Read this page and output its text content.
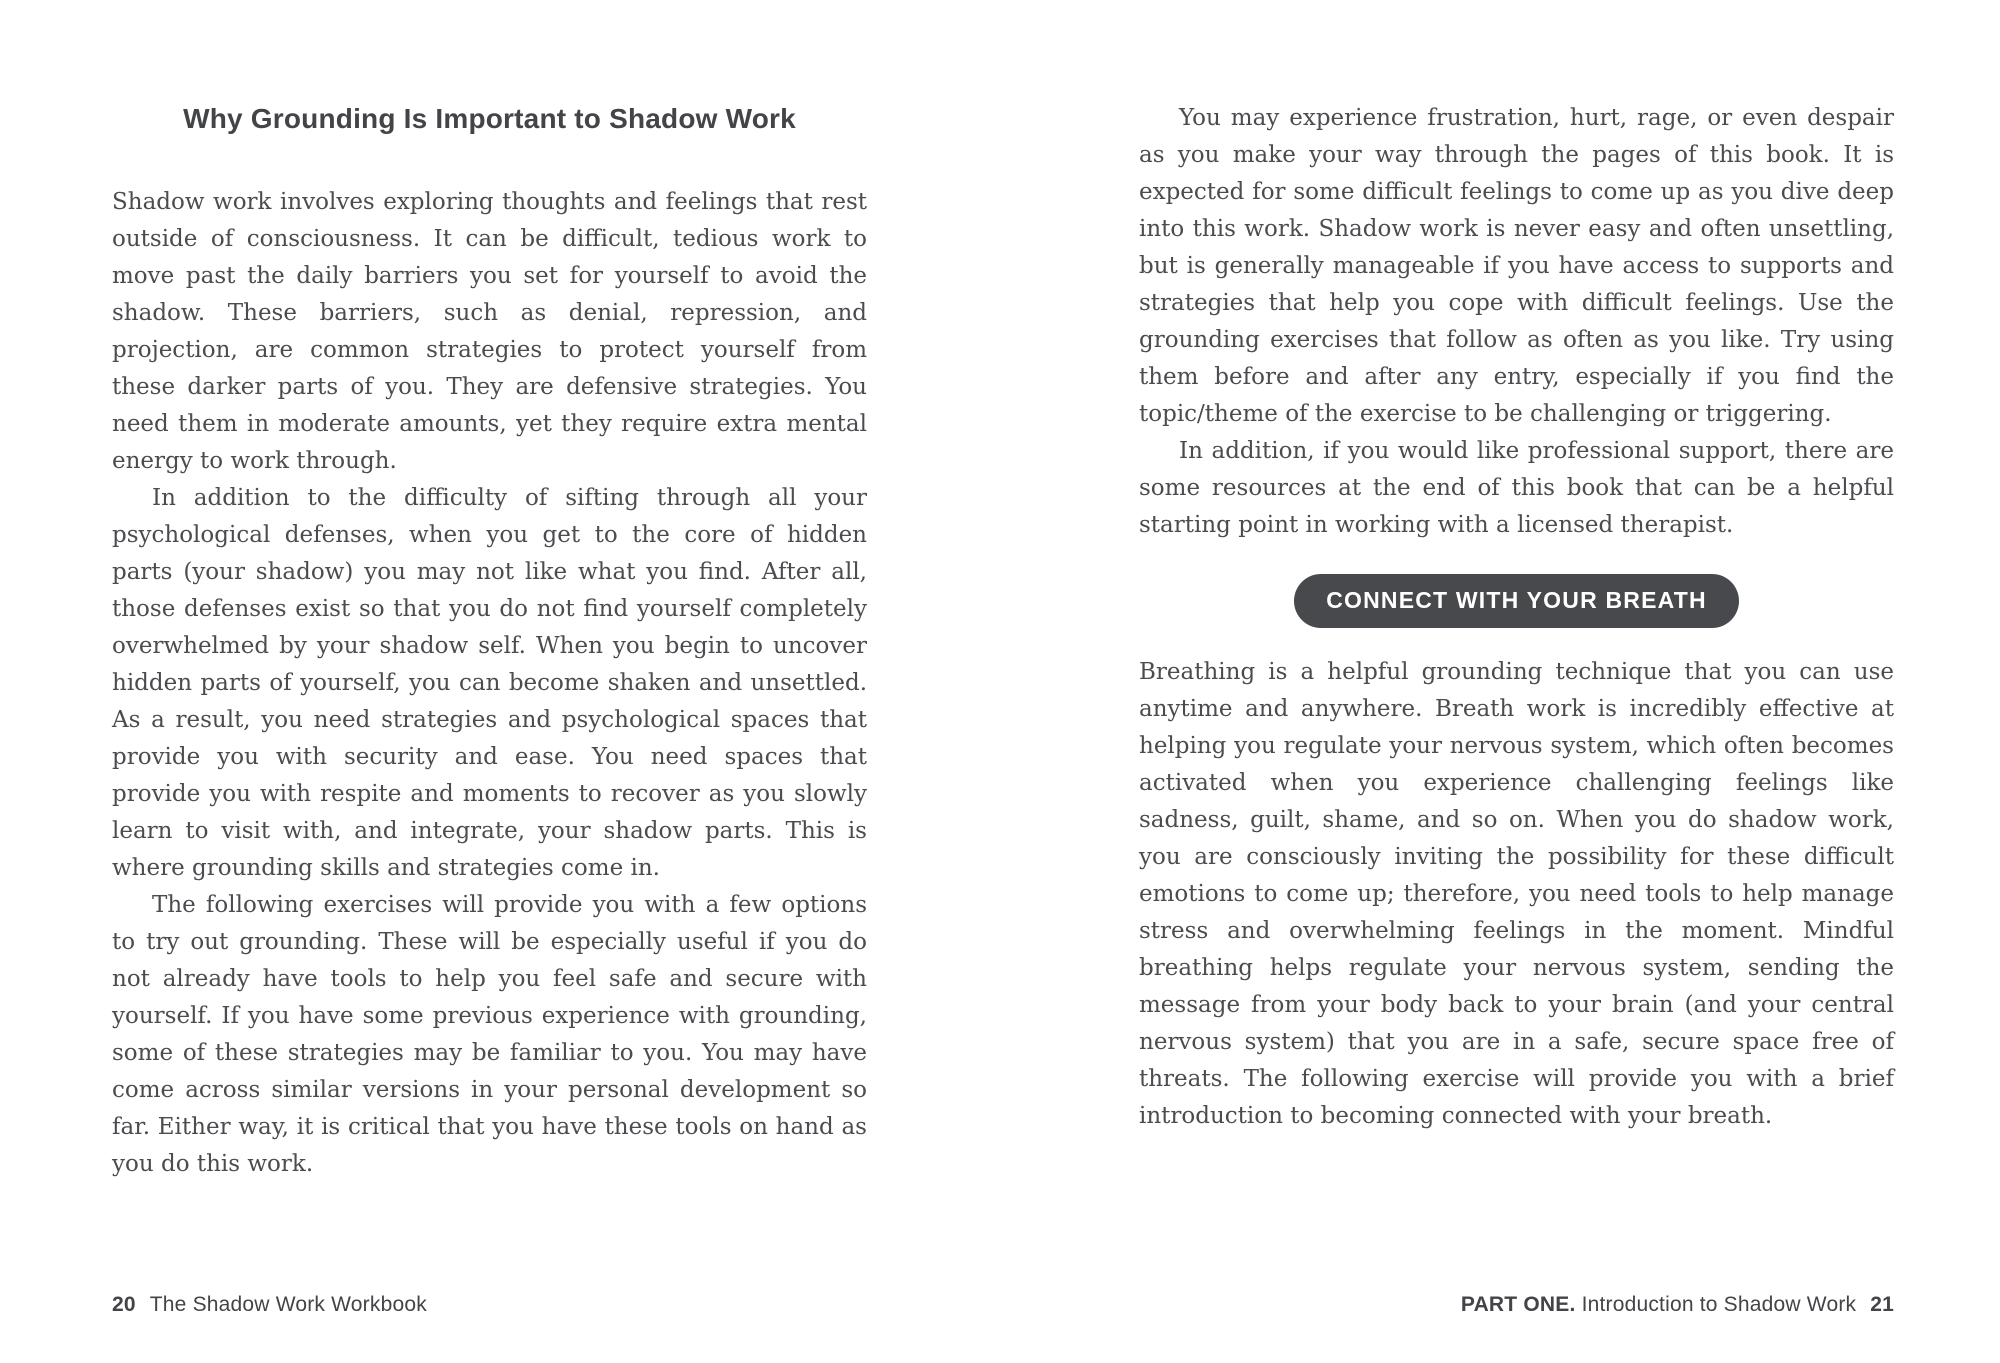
Why Grounding Is Important to Shadow Work

Shadow work involves exploring thoughts and feelings that rest outside of consciousness. It can be difficult, tedious work to move past the daily barriers you set for yourself to avoid the shadow. These barriers, such as denial, repression, and projection, are common strategies to protect yourself from these darker parts of you. They are defensive strategies. You need them in moderate amounts, yet they require extra mental energy to work through.

In addition to the difficulty of sifting through all your psychological defenses, when you get to the core of hidden parts (your shadow) you may not like what you find. After all, those defenses exist so that you do not find yourself completely overwhelmed by your shadow self. When you begin to uncover hidden parts of yourself, you can become shaken and unsettled. As a result, you need strategies and psychological spaces that provide you with security and ease. You need spaces that provide you with respite and moments to recover as you slowly learn to visit with, and integrate, your shadow parts. This is where grounding skills and strategies come in.

The following exercises will provide you with a few options to try out grounding. These will be especially useful if you do not already have tools to help you feel safe and secure with yourself. If you have some previous experience with grounding, some of these strategies may be familiar to you. You may have come across similar versions in your personal development so far. Either way, it is critical that you have these tools on hand as you do this work.

20 The Shadow Work Workbook

You may experience frustration, hurt, rage, or even despair as you make your way through the pages of this book. It is expected for some difficult feelings to come up as you dive deep into this work. Shadow work is never easy and often unsettling, but is generally manageable if you have access to supports and strategies that help you cope with difficult feelings. Use the grounding exercises that follow as often as you like. Try using them before and after any entry, especially if you find the topic/theme of the exercise to be challenging or triggering.

In addition, if you would like professional support, there are some resources at the end of this book that can be a helpful starting point in working with a licensed therapist.

CONNECT WITH YOUR BREATH

Breathing is a helpful grounding technique that you can use anytime and anywhere. Breath work is incredibly effective at helping you regulate your nervous system, which often becomes activated when you experience challenging feelings like sadness, guilt, shame, and so on. When you do shadow work, you are consciously inviting the possibility for these difficult emotions to come up; therefore, you need tools to help manage stress and overwhelming feelings in the moment. Mindful breathing helps regulate your nervous system, sending the message from your body back to your brain (and your central nervous system) that you are in a safe, secure space free of threats. The following exercise will provide you with a brief introduction to becoming connected with your breath.

PART ONE. Introduction to Shadow Work 21
